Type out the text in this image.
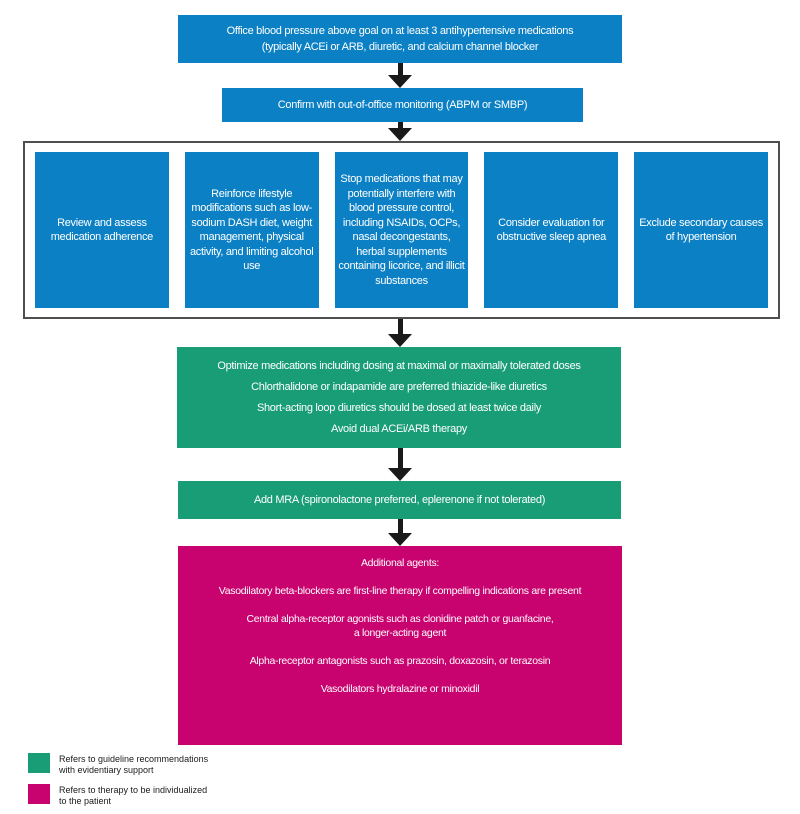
Office blood pressure above goal on at least 3 antihypertensive medications
(typically ACEi or ARB, diuretic, and calcium channel blocker
Confirm with out-of-office monitoring (ABPM or SMBP)
Review and assess medication adherence
Reinforce lifestyle modifications such as low-sodium DASH diet, weight management, physical activity, and limiting alcohol use
Stop medications that may potentially interfere with blood pressure control, including NSAIDs, OCPs, nasal decongestants, herbal supplements containing licorice, and illicit substances
Consider evaluation for obstructive sleep apnea
Exclude secondary causes of hypertension
Optimize medications including dosing at maximal or maximally tolerated doses
Chlorthalidone or indapamide are preferred thiazide-like diuretics
Short-acting loop diuretics should be dosed at least twice daily
Avoid dual ACEi/ARB therapy
Add MRA (spironolactone preferred, eplerenone if not tolerated)
Additional agents:
Vasodilatory beta-blockers are first-line therapy if compelling indications are present
Central alpha-receptor agonists such as clonidine patch or guanfacine,
a longer-acting agent
Alpha-receptor antagonists such as prazosin, doxazosin, or terazosin
Vasodilators hydralazine or minoxidil
Refers to guideline recommendations
with evidentiary support
Refers to therapy to be individualized
to the patient
